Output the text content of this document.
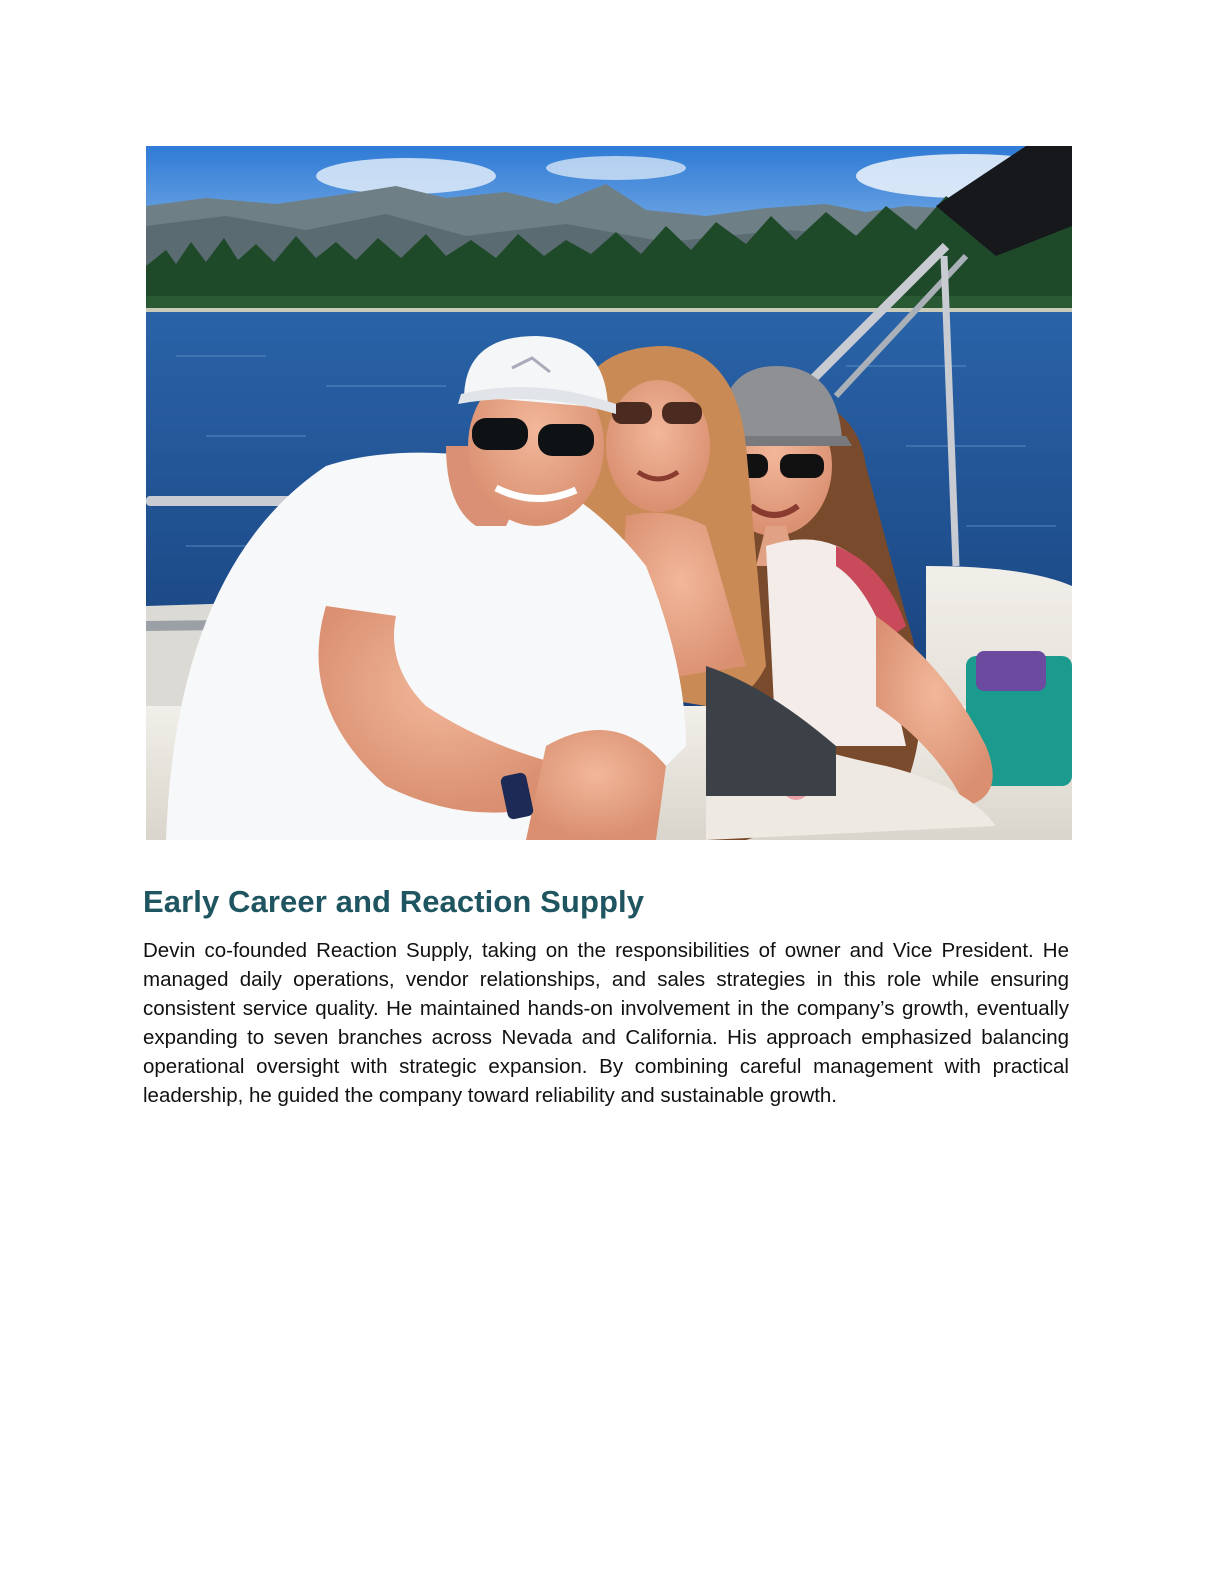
Early Career and Reaction Supply

Devin co-founded Reaction Supply, taking on the responsibilities of owner and Vice President. He managed daily operations, vendor relationships, and sales strategies in this role while ensuring consistent service quality. He maintained hands-on involvement in the company’s growth, eventually expanding to seven branches across Nevada and California. His approach emphasized balancing operational oversight with strategic expansion. By combining careful management with practical leadership, he guided the company toward reliability and sustainable growth.
